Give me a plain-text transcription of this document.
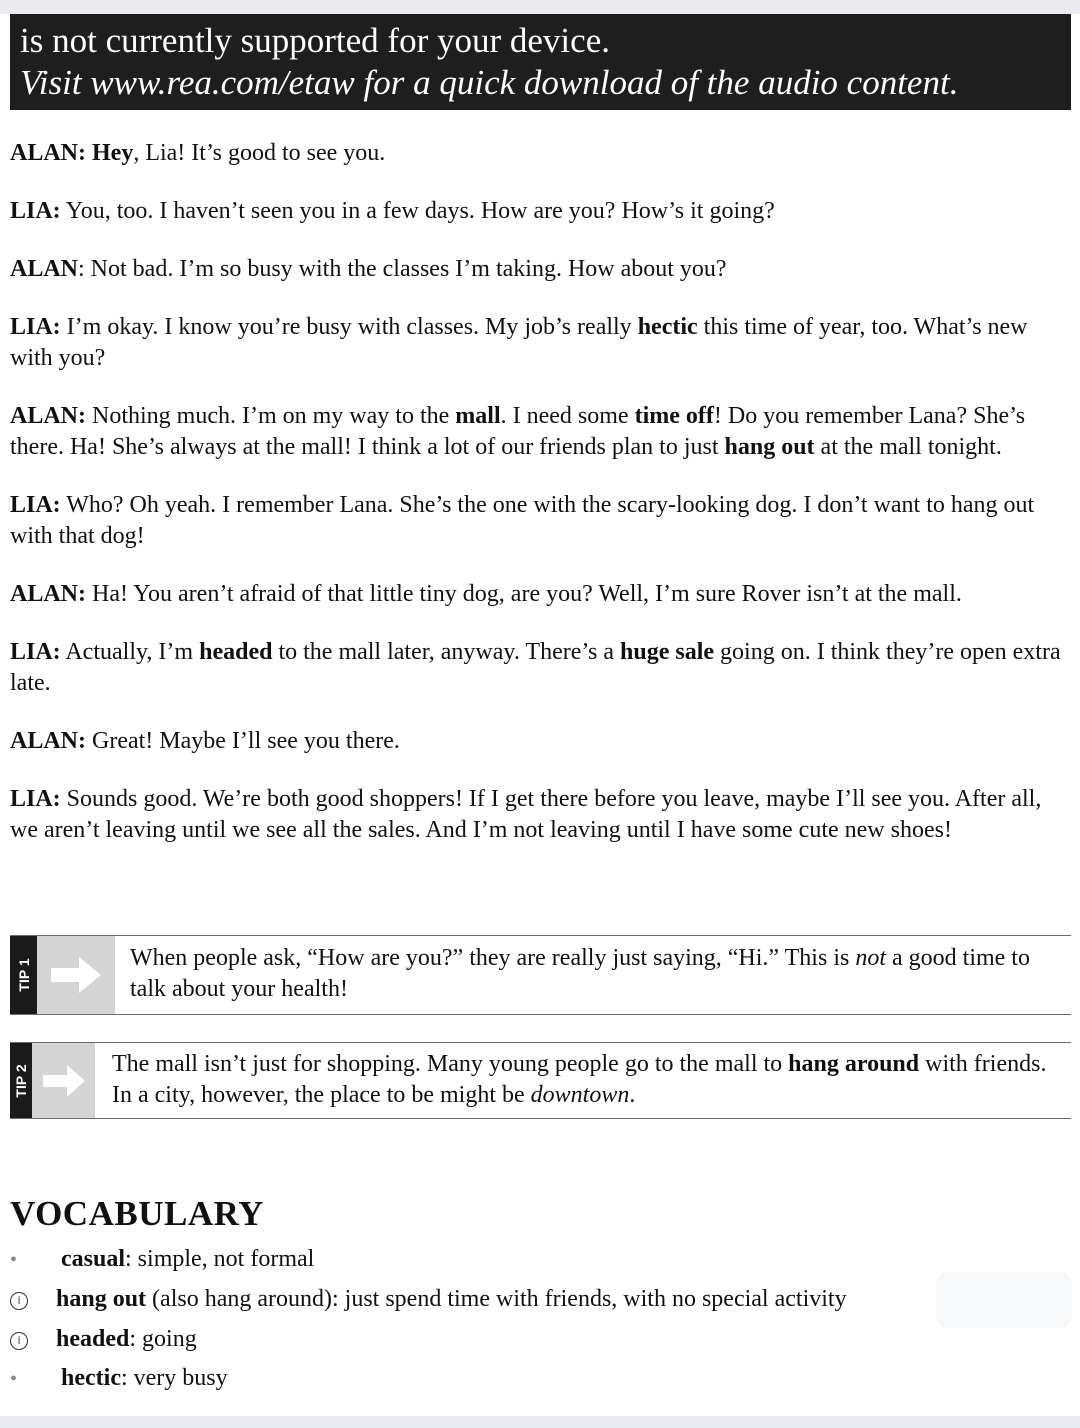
is not currently supported for your device.
Visit www.rea.com/etaw for a quick download of the audio content.

ALAN: Hey, Lia! It’s good to see you.

LIA: You, too. I haven’t seen you in a few days. How are you? How’s it going?

ALAN: Not bad. I’m so busy with the classes I’m taking. How about you?

LIA: I’m okay. I know you’re busy with classes. My job’s really hectic this time of year, too. What’s new with you?

ALAN: Nothing much. I’m on my way to the mall. I need some time off! Do you remember Lana? She’s there. Ha! She’s always at the mall! I think a lot of our friends plan to just hang out at the mall tonight.

LIA: Who? Oh yeah. I remember Lana. She’s the one with the scary-looking dog. I don’t want to hang out with that dog!

ALAN: Ha! You aren’t afraid of that little tiny dog, are you? Well, I’m sure Rover isn’t at the mall.

LIA: Actually, I’m headed to the mall later, anyway. There’s a huge sale going on. I think they’re open extra late.

ALAN: Great! Maybe I’ll see you there.

LIA: Sounds good. We’re both good shoppers! If I get there before you leave, maybe I’ll see you. After all, we aren’t leaving until we see all the sales. And I’m not leaving until I have some cute new shoes!

TIP 1
When people ask, “How are you?” they are really just saying, “Hi.” This is not a good time to talk about your health!
TIP 2	The mall isn’t just for shopping. Many young people go to the mall to hang around with friends. In a city, however, the place to be might be downtown.
VOCABULARY
• casual: simple, not formal
i hang out (also hang around): just spend time with friends, with no special activity
i headed: going
• hectic: very busy
